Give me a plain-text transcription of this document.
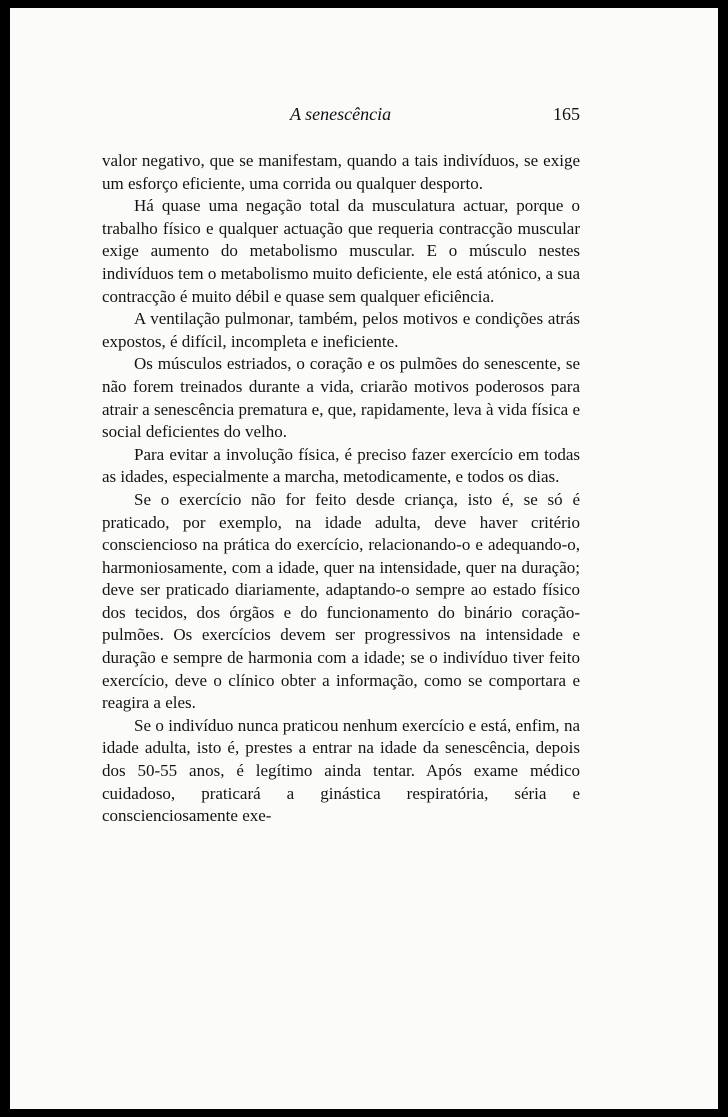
A senescência	165

valor negativo, que se manifestam, quando a tais indivíduos, se exige um esforço eficiente, uma corrida ou qualquer desporto.

Há quase uma negação total da musculatura actuar, porque o trabalho físico e qualquer actuação que requeria contracção muscular exige aumento do metabolismo muscular. E o músculo nestes indivíduos tem o metabolismo muito deficiente, ele está atónico, a sua contracção é muito débil e quase sem qualquer eficiência.

A ventilação pulmonar, também, pelos motivos e condições atrás expostos, é difícil, incompleta e ineficiente.

Os músculos estriados, o coração e os pulmões do senescente, se não forem treinados durante a vida, criarão motivos poderosos para atrair a senescência prematura e, que, rapidamente, leva à vida física e social deficientes do velho.

Para evitar a involução física, é preciso fazer exercício em todas as idades, especialmente a marcha, metodicamente, e todos os dias.

Se o exercício não for feito desde criança, isto é, se só é praticado, por exemplo, na idade adulta, deve haver critério consciencioso na prática do exercício, relacionando-o e adequando-o, harmoniosamente, com a idade, quer na intensidade, quer na duração; deve ser praticado diariamente, adaptando-o sempre ao estado físico dos tecidos, dos órgãos e do funcionamento do binário coração-pulmões. Os exercícios devem ser progressivos na intensidade e duração e sempre de harmonia com a idade; se o indivíduo tiver feito exercício, deve o clínico obter a informação, como se comportara e reagira a eles.

Se o indivíduo nunca praticou nenhum exercício e está, enfim, na idade adulta, isto é, prestes a entrar na idade da senescência, depois dos 50-55 anos, é legítimo ainda tentar. Após exame médico cuidadoso, praticará a ginástica respiratória, séria e conscienciosamente exe-
